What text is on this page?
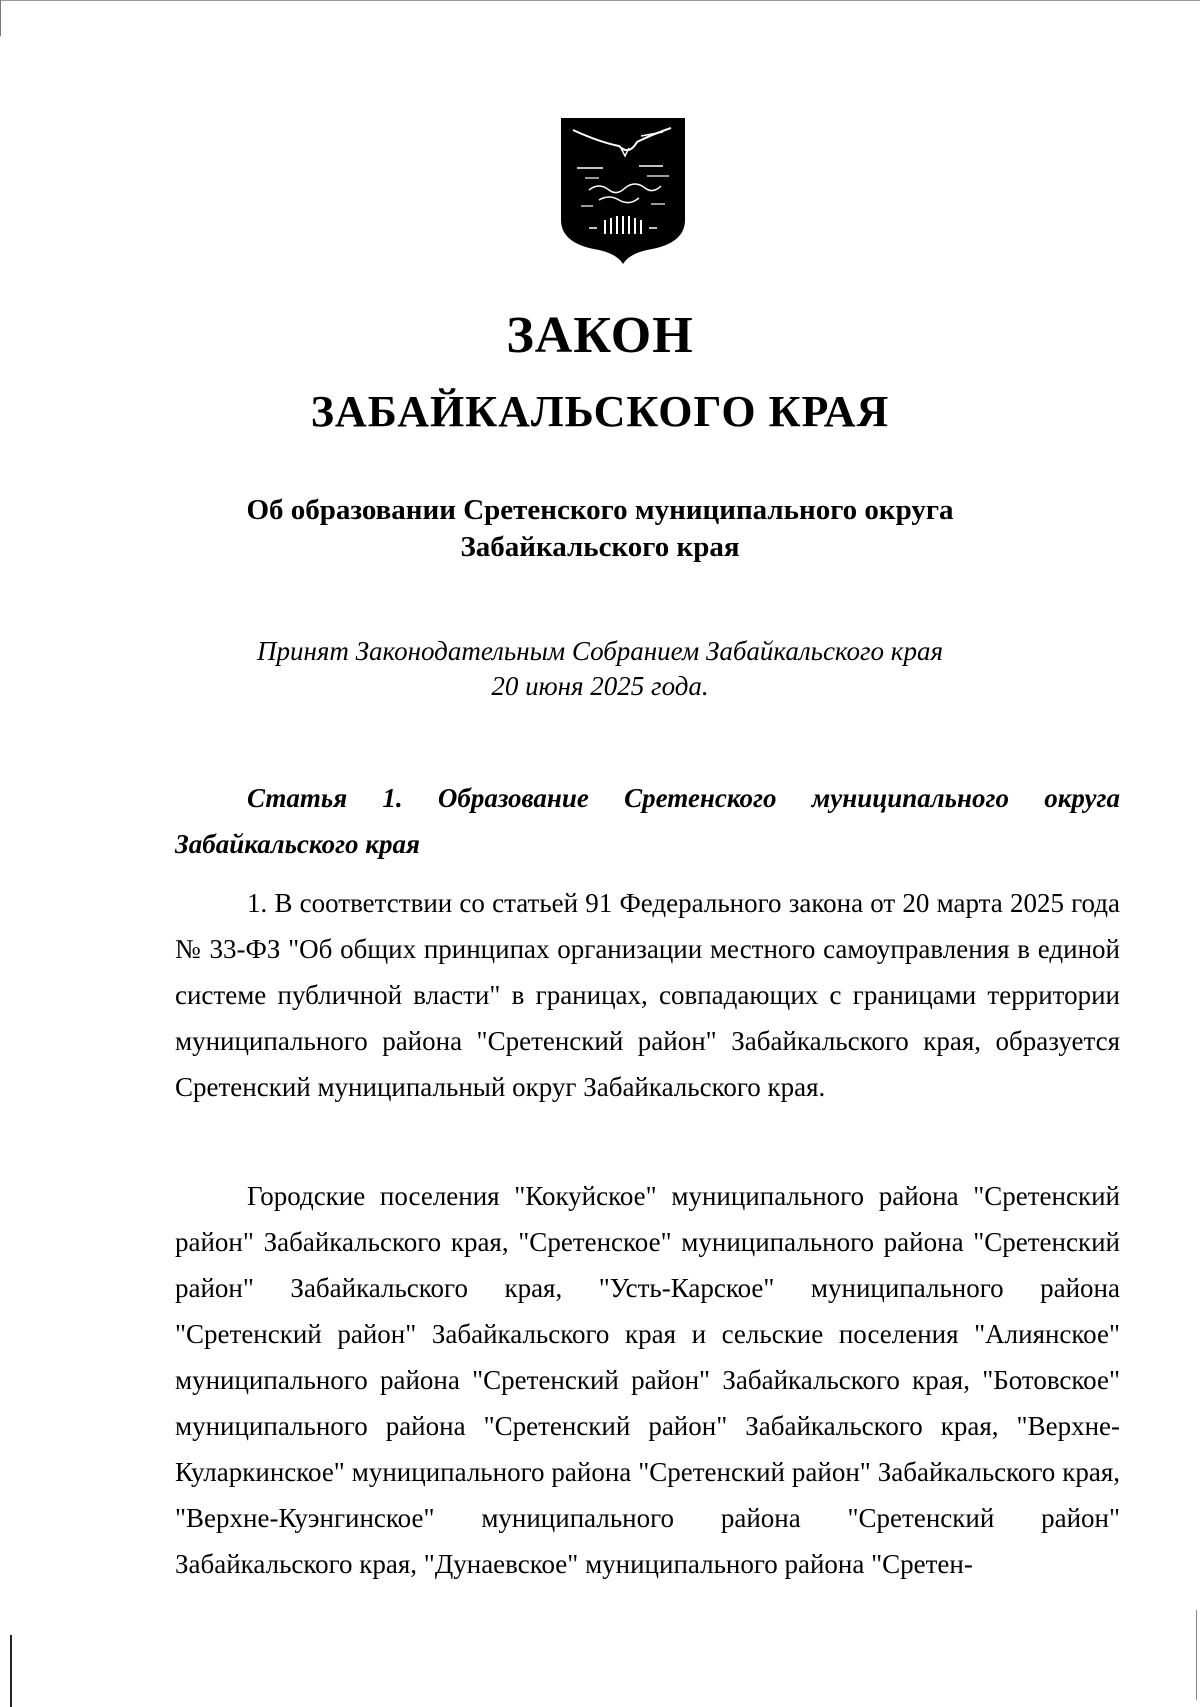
ЗАКОН
ЗАБАЙКАЛЬСКОГО КРАЯ
Об образовании Сретенского муниципального округа
Забайкальского края
Принят Законодательным Собранием Забайкальского края
20 июня 2025 года.
Статья 1. Образование Сретенского муниципального округа Забайкальского края

1. В соответствии со статьей 91 Федерального закона от 20 марта 2025 года № 33-ФЗ "Об общих принципах организации местного самоуправления в единой системе публичной власти" в границах, совпадающих с границами территории муниципального района "Сретенский район" Забайкальского края, образуется Сретенский муниципальный округ Забайкальского края.

Городские поселения "Кокуйское" муниципального района "Сретенский район" Забайкальского края, "Сретенское" муниципального района "Сретенский район" Забайкальского края, "Усть-Карское" муниципального района "Сретенский район" Забайкальского края и сельские поселения "Алиянское" муниципального района "Сретенский район" Забайкальского края, "Ботовское" муниципального района "Сретенский район" Забайкальского края, "Верхне-Куларкинское" муниципального района "Сретенский район" Забайкальского края, "Верхне-Куэнгинское" муниципального района "Сретенский район" Забайкальского края, "Дунаевское" муниципального района "Сретен-
